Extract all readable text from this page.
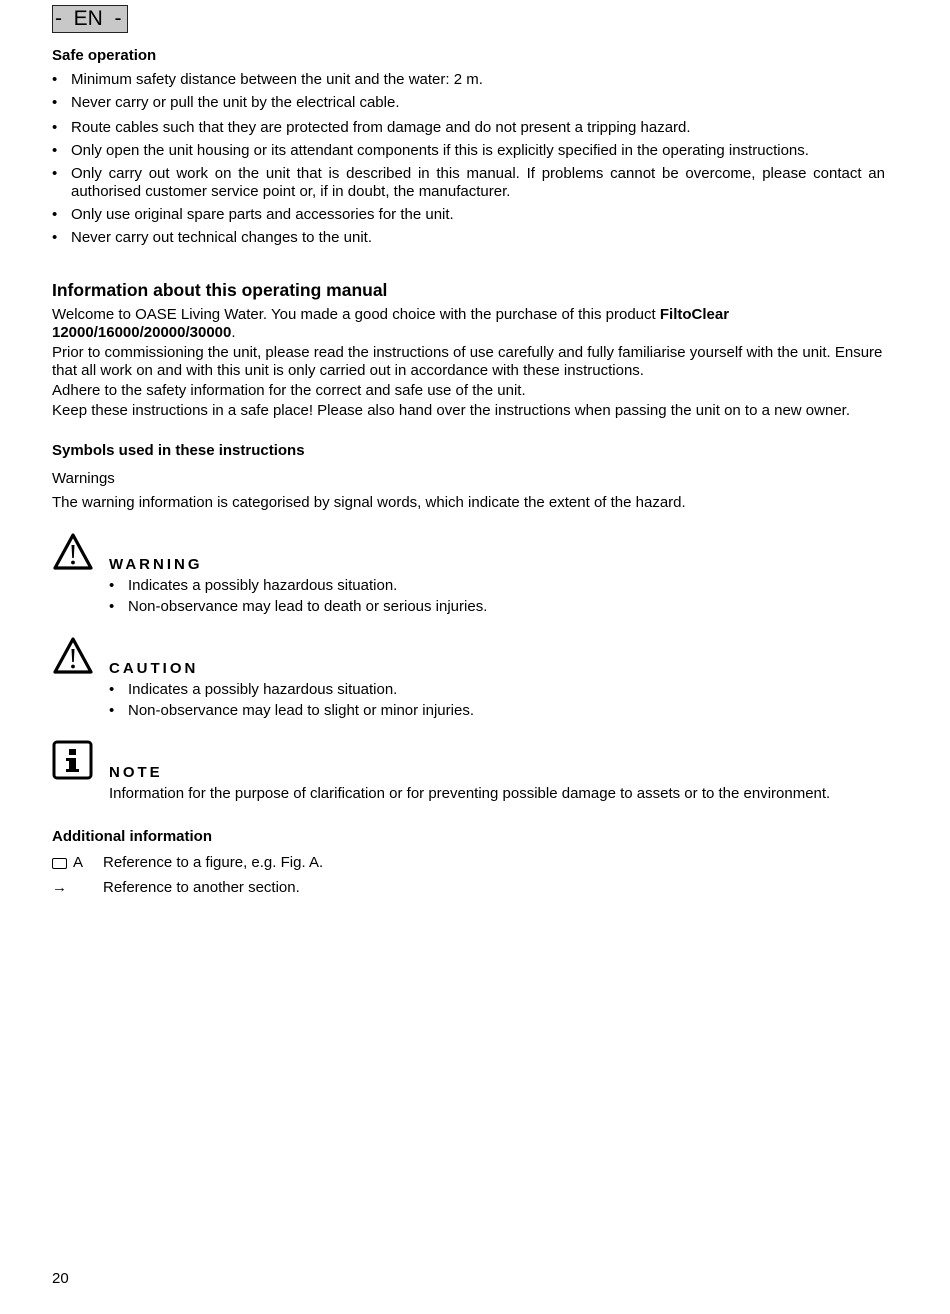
- EN -
Safe operation
• Minimum safety distance between the unit and the water: 2 m.
• Never carry or pull the unit by the electrical cable.
• Route cables such that they are protected from damage and do not present a tripping hazard.
• Only open the unit housing or its attendant components if this is explicitly specified in the operating instructions.
• Only carry out work on the unit that is described in this manual. If problems cannot be overcome, please contact an authorised customer service point or, if in doubt, the manufacturer.
• Only use original spare parts and accessories for the unit.
• Never carry out technical changes to the unit.
Information about this operating manual

Welcome to OASE Living Water. You made a good choice with the purchase of this product FiltoClear 12000/16000/20000/30000.

Prior to commissioning the unit, please read the instructions of use carefully and fully familiarise yourself with the unit. Ensure that all work on and with this unit is only carried out in accordance with these instructions.

Adhere to the safety information for the correct and safe use of the unit.

Keep these instructions in a safe place! Please also hand over the instructions when passing the unit on to a new owner.

Symbols used in these instructions
Warnings

The warning information is categorised by signal words, which indicate the extent of the hazard.

WARNING
• Indicates a possibly hazardous situation.
• Non-observance may lead to death or serious injuries.
CAUTION
• Indicates a possibly hazardous situation.
• Non-observance may lead to slight or minor injuries.
NOTE

Information for the purpose of clarification or for preventing possible damage to assets or to the environment.

Additional information
A Reference to a figure, e.g. Fig. A.
→ Reference to another section.
20
